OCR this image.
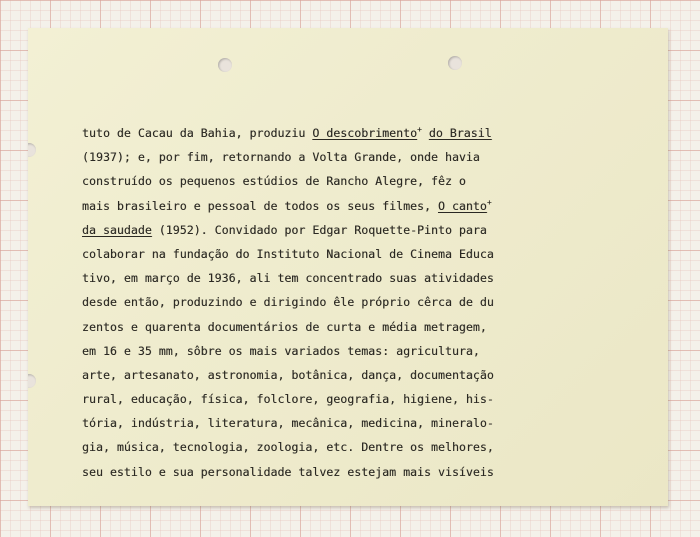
tuto de Cacau da Bahia, produziu O descobrimento+ do Brasil
(1937); e, por fim, retornando a Volta Grande, onde havia
construído os pequenos estúdios de Rancho Alegre, fêz o
mais brasileiro e pessoal de todos os seus filmes, O canto+
da saudade (1952). Convidado por Edgar Roquette-Pinto para
colaborar na fundação do Instituto Nacional de Cinema Educa
tivo, em março de 1936, ali tem concentrado suas atividades
desde então, produzindo e dirigindo êle próprio cêrca de du
zentos e quarenta documentários de curta e média metragem,
em 16 e 35 mm, sôbre os mais variados temas: agricultura,
arte, artesanato, astronomia, botânica, dança, documentação
rural, educação, física, folclore, geografia, higiene, his-
tória, indústria, literatura, mecânica, medicina, mineralo-
gia, música, tecnologia, zoologia, etc. Dentre os melhores,
seu estilo e sua personalidade talvez estejam mais visíveis
